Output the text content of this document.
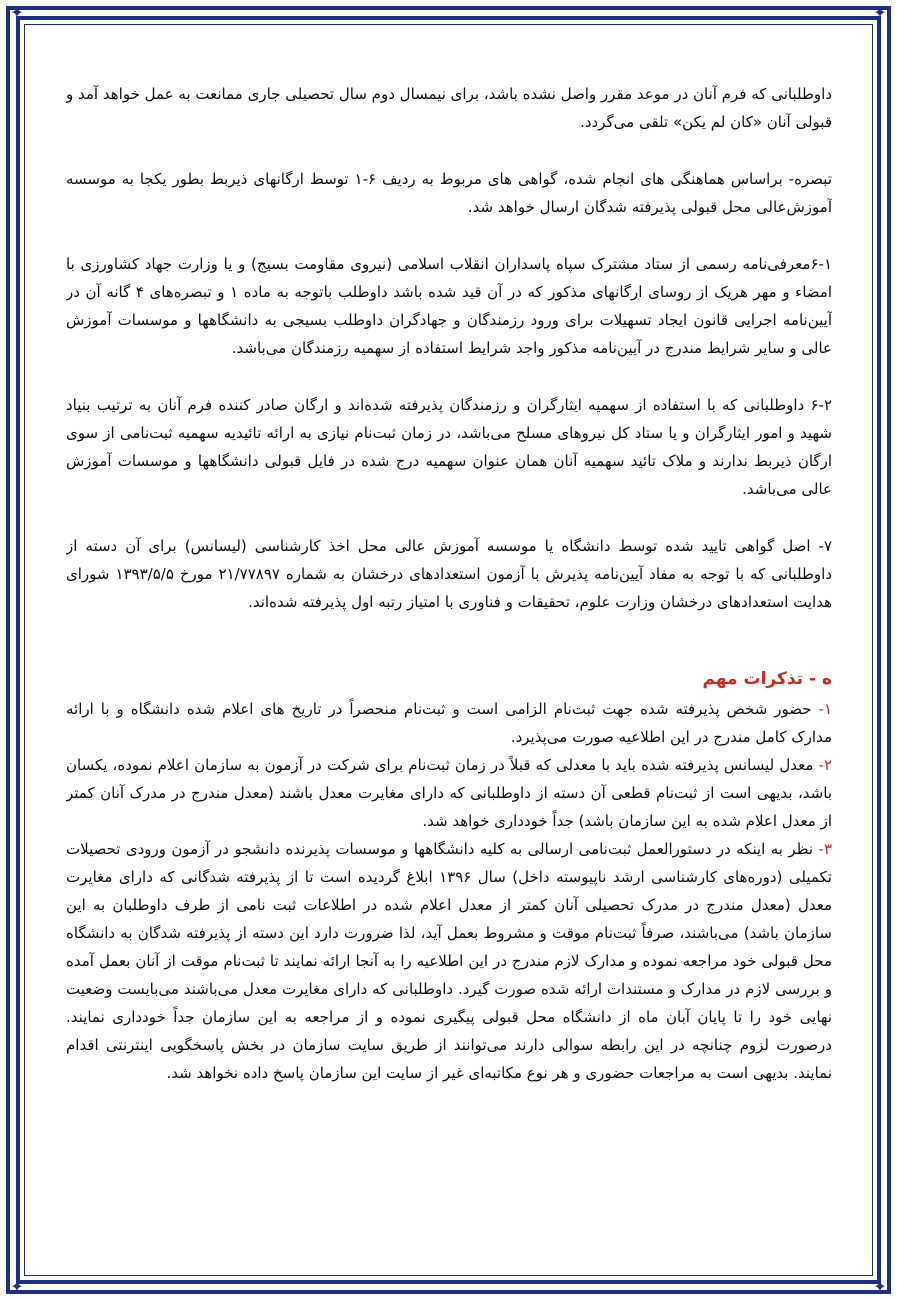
✦	✦
✦	✦

داوطلبانی که فرم آنان در موعد مقرر واصل نشده باشد، برای نیمسال دوم سال تحصیلی جاری ممانعت به عمل خواهد آمد و قبولی آنان «کان لم یکن» تلقی می‌گردد.

تبصره- براساس هماهنگی های انجام شده، گواهی های مربوط به ردیف ۶-۱ توسط ارگانهای ذیربط بطور یکجا به موسسه آموزش‌عالی محل قبولی پذیرفته شدگان ارسال خواهد شد.

۶-۱معرفی‌نامه رسمی از ستاد مشترک سپاه پاسداران انقلاب اسلامی (نیروی مقاومت بسیج) و یا وزارت جهاد کشاورزی با امضاء و مهر هریک از روسای ارگانهای مذکور که در آن قید شده باشد داوطلب باتوجه به ماده ۱ و تبصره‌های ۴ گانه آن در آیین‌نامه اجرایی قانون ایجاد تسهیلات برای ورود رزمندگان و جهادگران داوطلب بسیجی به دانشگاهها و موسسات آموزش عالی و سایر شرایط مندرج در آیین‌نامه مذکور واجد شرایط استفاده از سهمیه رزمندگان می‌باشد.

۶-۲ داوطلبانی که با استفاده از سهمیه ایثارگران و رزمندگان پذیرفته شده‌اند و ارگان صادر کننده فرم آنان به ترتیب بنیاد شهید و امور ایثارگران و یا ستاد کل نیروهای مسلح می‌باشد، در زمان ثبت‌نام نیازی به ارائه تائیدیه سهمیه ثبت‌نامی از سوی ارگان ذیربط ندارند و ملاک تائید سهمیه آنان همان عنوان سهمیه درج شده در فایل قبولی دانشگاهها و موسسات آموزش عالی می‌باشد.

۷- اصل گواهی تایید شده توسط دانشگاه یا موسسه آموزش عالی محل اخذ کارشناسی (لیسانس) برای آن دسته از داوطلبانی که با توجه به مفاد آیین‌نامه پذیرش با آزمون استعدادهای درخشان به شماره ۲۱/۷۷۸۹۷ مورخ ۱۳۹۳/۵/۵ شورای هدایت استعدادهای درخشان وزارت علوم، تحقیقات و فناوری با امتیاز رتبه اول پذیرفته شده‌اند.

ه - تذکرات مهم

۱- حضور شخص پذیرفته شده جهت ثبت‌نام الزامی است و ثبت‌نام منحصراً در تاریخ های اعلام شده دانشگاه و با ارائه مدارک کامل مندرج در این اطلاعیه صورت می‌پذیرد.

۲- معدل لیسانس پذیرفته شده باید با معدلی که قبلاً در زمان ثبت‌نام برای شرکت در آزمون به سازمان اعلام نموده، یکسان باشد، بدیهی است از ثبت‌نام قطعی آن دسته از داوطلبانی که دارای مغایرت معدل باشند (معدل مندرج در مدرک آنان کمتر از معدل اعلام شده به این سازمان باشد) جداً خودداری خواهد شد.

۳- نظر به اینکه در دستورالعمل ثبت‌نامی ارسالی به کلیه دانشگاهها و موسسات پذیرنده دانشجو در آزمون ورودی تحصیلات تکمیلی (دوره‌های کارشناسی ارشد ناپیوسته داخل) سال ۱۳۹۶ ابلاغ گردیده است تا از پذیرفته شدگانی که دارای مغایرت معدل (معدل مندرج در مدرک تحصیلی آنان کمتر از معدل اعلام شده در اطلاعات ثبت نامی از طرف داوطلبان به این سازمان باشد) می‌باشند، صرفاً ثبت‌نام موقت و مشروط بعمل آید، لذا ضرورت دارد این دسته از پذیرفته شدگان به دانشگاه محل قبولی خود مراجعه نموده و مدارک لازم مندرج در این اطلاعیه را به آنجا ارائه نمایند تا ثبت‌نام موقت از آنان بعمل آمده و بررسی لازم در مدارک و مستندات ارائه شده صورت گیرد. داوطلبانی که دارای مغایرت معدل می‌باشند می‌بایست وضعیت نهایی خود را تا پایان آبان ماه از دانشگاه محل قبولی پیگیری نموده و از مراجعه به این سازمان جداً خودداری نمایند. درصورت لزوم چنانچه در این رابطه سوالی دارند می‌توانند از طریق سایت سازمان در بخش پاسخگویی اینترنتی اقدام نمایند. بدیهی است به مراجعات حضوری و هر نوع مکاتبه‌ای غیر از سایت این سازمان پاسخ داده نخواهد شد.
